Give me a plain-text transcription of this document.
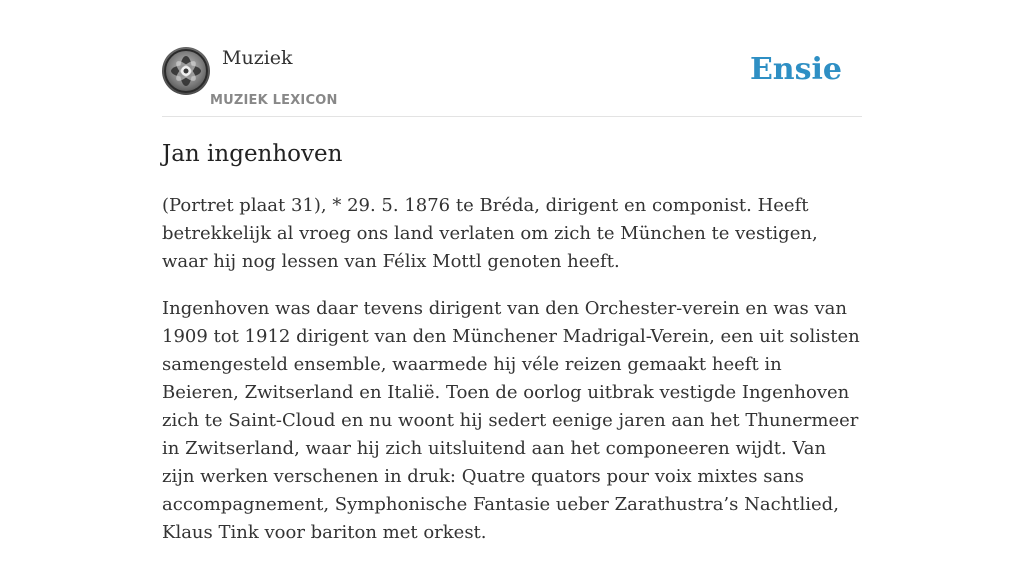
Muziek
MUZIEK LEXICON
Ensie
Jan ingenhoven

(Portret plaat 31), * 29. 5. 1876 te Bréda, dirigent en componist. Heeft betrekkelijk al vroeg ons land verlaten om zich te München te vestigen, waar hij nog lessen van Félix Mottl genoten heeft.

Ingenhoven was daar tevens dirigent van den Orchester-verein en was van 1909 tot 1912 dirigent van den Münchener Madrigal-Verein, een uit solisten samengesteld ensemble, waarmede hij véle reizen gemaakt heeft in Beieren, Zwitserland en Italië. Toen de oorlog uitbrak vestigde Ingenhoven zich te Saint-Cloud en nu woont hij sedert eenige jaren aan het Thunermeer in Zwitserland, waar hij zich uitsluitend aan het componeeren wijdt. Van zijn werken verschenen in druk: Quatre quators pour voix mixtes sans accompagnement, Symphonische Fantasie ueber Zarathustra’s Nachtlied, Klaus Tink voor bariton met orkest.
